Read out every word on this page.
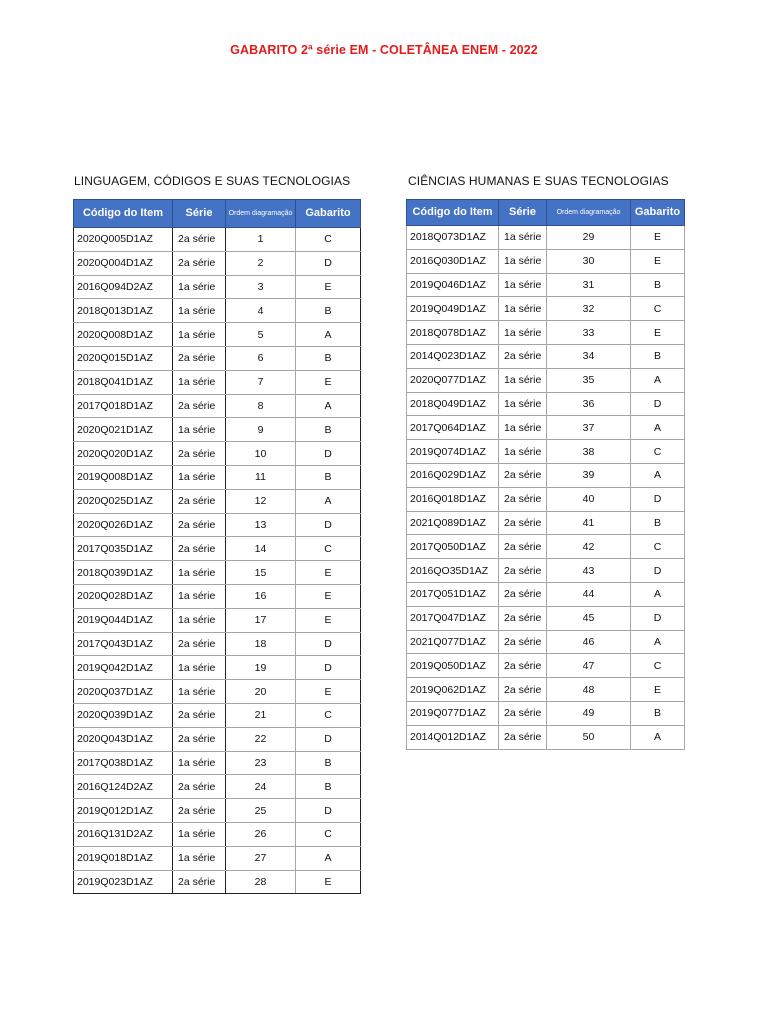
GABARITO 2ª série EM - COLETÂNEA ENEM - 2022
LINGUAGEM, CÓDIGOS E SUAS TECNOLOGIAS	CIÊNCIAS HUMANAS E SUAS TECNOLOGIAS
Código do Item	Série	Ordem diagramação	Gabarito
2020Q005D1AZ	2a série	1	C
2020Q004D1AZ	2a série	2	D
2016Q094D2AZ	1a série	3	E
2018Q013D1AZ	1a série	4	B
2020Q008D1AZ	1a série	5	A
2020Q015D1AZ	2a série	6	B
2018Q041D1AZ	1a série	7	E
2017Q018D1AZ	2a série	8	A
2020Q021D1AZ	1a série	9	B
2020Q020D1AZ	2a série	10	D
2019Q008D1AZ	1a série	11	B
2020Q025D1AZ	2a série	12	A
2020Q026D1AZ	2a série	13	D
2017Q035D1AZ	2a série	14	C
2018Q039D1AZ	1a série	15	E
2020Q028D1AZ	1a série	16	E
2019Q044D1AZ	1a série	17	E
2017Q043D1AZ	2a série	18	D
2019Q042D1AZ	1a série	19	D
2020Q037D1AZ	1a série	20	E
2020Q039D1AZ	2a série	21	C
2020Q043D1AZ	2a série	22	D
2017Q038D1AZ	1a série	23	B
2016Q124D2AZ	2a série	24	B
2019Q012D1AZ	2a série	25	D
2016Q131D2AZ	1a série	26	C
2019Q018D1AZ	1a série	27	A
2019Q023D1AZ	2a série	28	E
Código do Item	Série	Ordem diagramação	Gabarito
2018Q073D1AZ	1a série	29	E
2016Q030D1AZ	1a série	30	E
2019Q046D1AZ	1a série	31	B
2019Q049D1AZ	1a série	32	C
2018Q078D1AZ	1a série	33	E
2014Q023D1AZ	2a série	34	B
2020Q077D1AZ	1a série	35	A
2018Q049D1AZ	1a série	36	D
2017Q064D1AZ	1a série	37	A
2019Q074D1AZ	1a série	38	C
2016Q029D1AZ	2a série	39	A
2016Q018D1AZ	2a série	40	D
2021Q089D1AZ	2a série	41	B
2017Q050D1AZ	2a série	42	C
2016QO35D1AZ	2a série	43	D
2017Q051D1AZ	2a série	44	A
2017Q047D1AZ	2a série	45	D
2021Q077D1AZ	2a série	46	A
2019Q050D1AZ	2a série	47	C
2019Q062D1AZ	2a série	48	E
2019Q077D1AZ	2a série	49	B
2014Q012D1AZ	2a série	50	A
